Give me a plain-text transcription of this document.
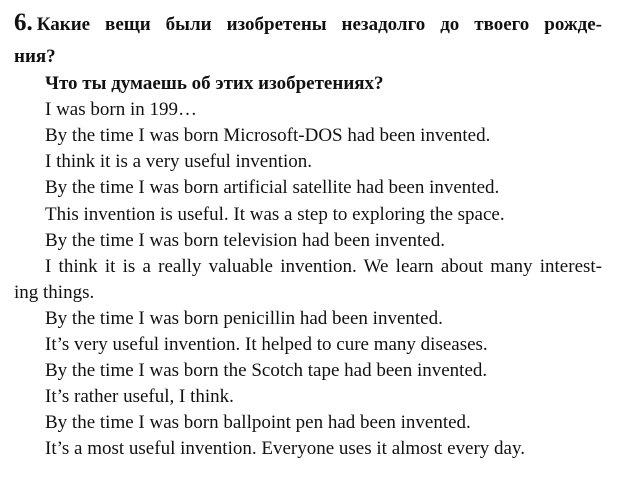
6. Какие вещи были изобретены незадолго до твоего рожде-
ния?
Что ты думаешь об этих изобретениях?
I was born in 199…
By the time I was born Microsoft-DOS had been invented.
I think it is a very useful invention.
By the time I was born artificial satellite had been invented.
This invention is useful. It was a step to exploring the space.
By the time I was born television had been invented.
I think it is a really valuable invention. We learn about many interest-
ing things.
By the time I was born penicillin had been invented.
It’s very useful invention. It helped to cure many diseases.
By the time I was born the Scotch tape had been invented.
It’s rather useful, I think.
By the time I was born ballpoint pen had been invented.
It’s a most useful invention. Everyone uses it almost every day.
